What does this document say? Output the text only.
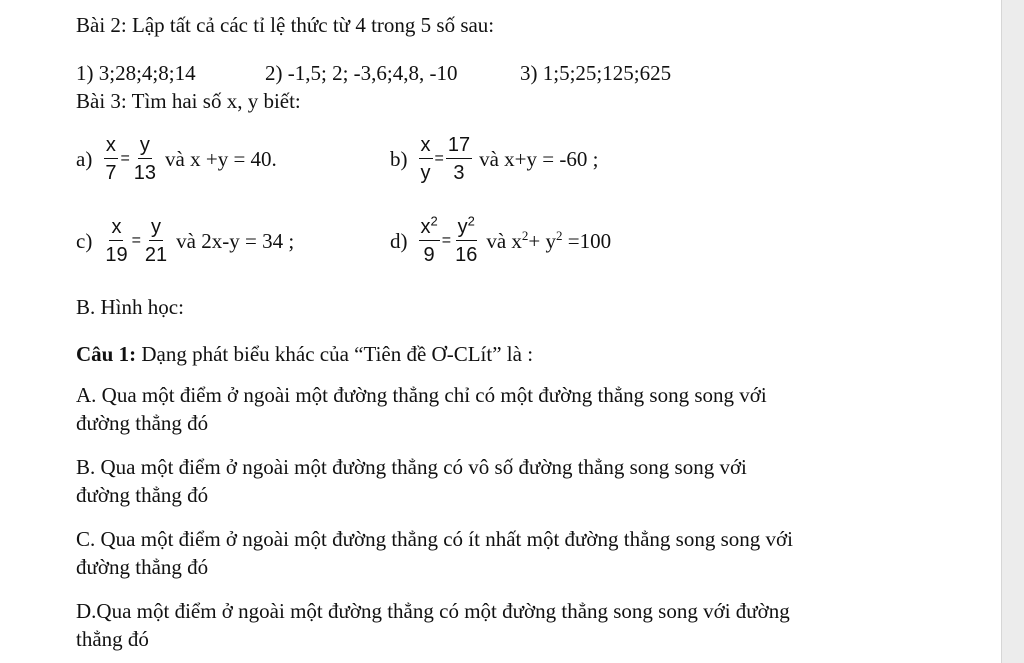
Bài 2: Lập tất cả các tỉ lệ thức từ 4 trong 5 số sau:
1) 3;28;4;8;14	2) -1,5; 2; -3,6;4,8, -10	3) 1;5;25;125;625
Bài 3: Tìm hai số x, y biết:
$a) \frac{x}{7} = \frac{y}{13}$ và x +y = 40.	$b) \frac{x}{y} = \frac{17}{3}$ và x+y = -60 ;
$c) \frac{x}{19} = \frac{y}{21}$ và 2x-y = 34 ;	$d) \frac{x^2}{9} = \frac{y^2}{16}$ và $x^2+ y^2 =100$
B. Hình học:
Câu 1: Dạng phát biểu khác của “Tiên đề Ơ-CLít” là :
A. Qua một điểm ở ngoài một đường thẳng chỉ có một đường thẳng song song với
đường thẳng đó
B. Qua một điểm ở ngoài một đường thẳng có vô số đường thẳng song song với
đường thẳng đó
C. Qua một điểm ở ngoài một đường thẳng có ít nhất một đường thẳng song song với
đường thẳng đó
D.Qua một điểm ở ngoài một đường thẳng có một đường thẳng song song với đường
thẳng đó
